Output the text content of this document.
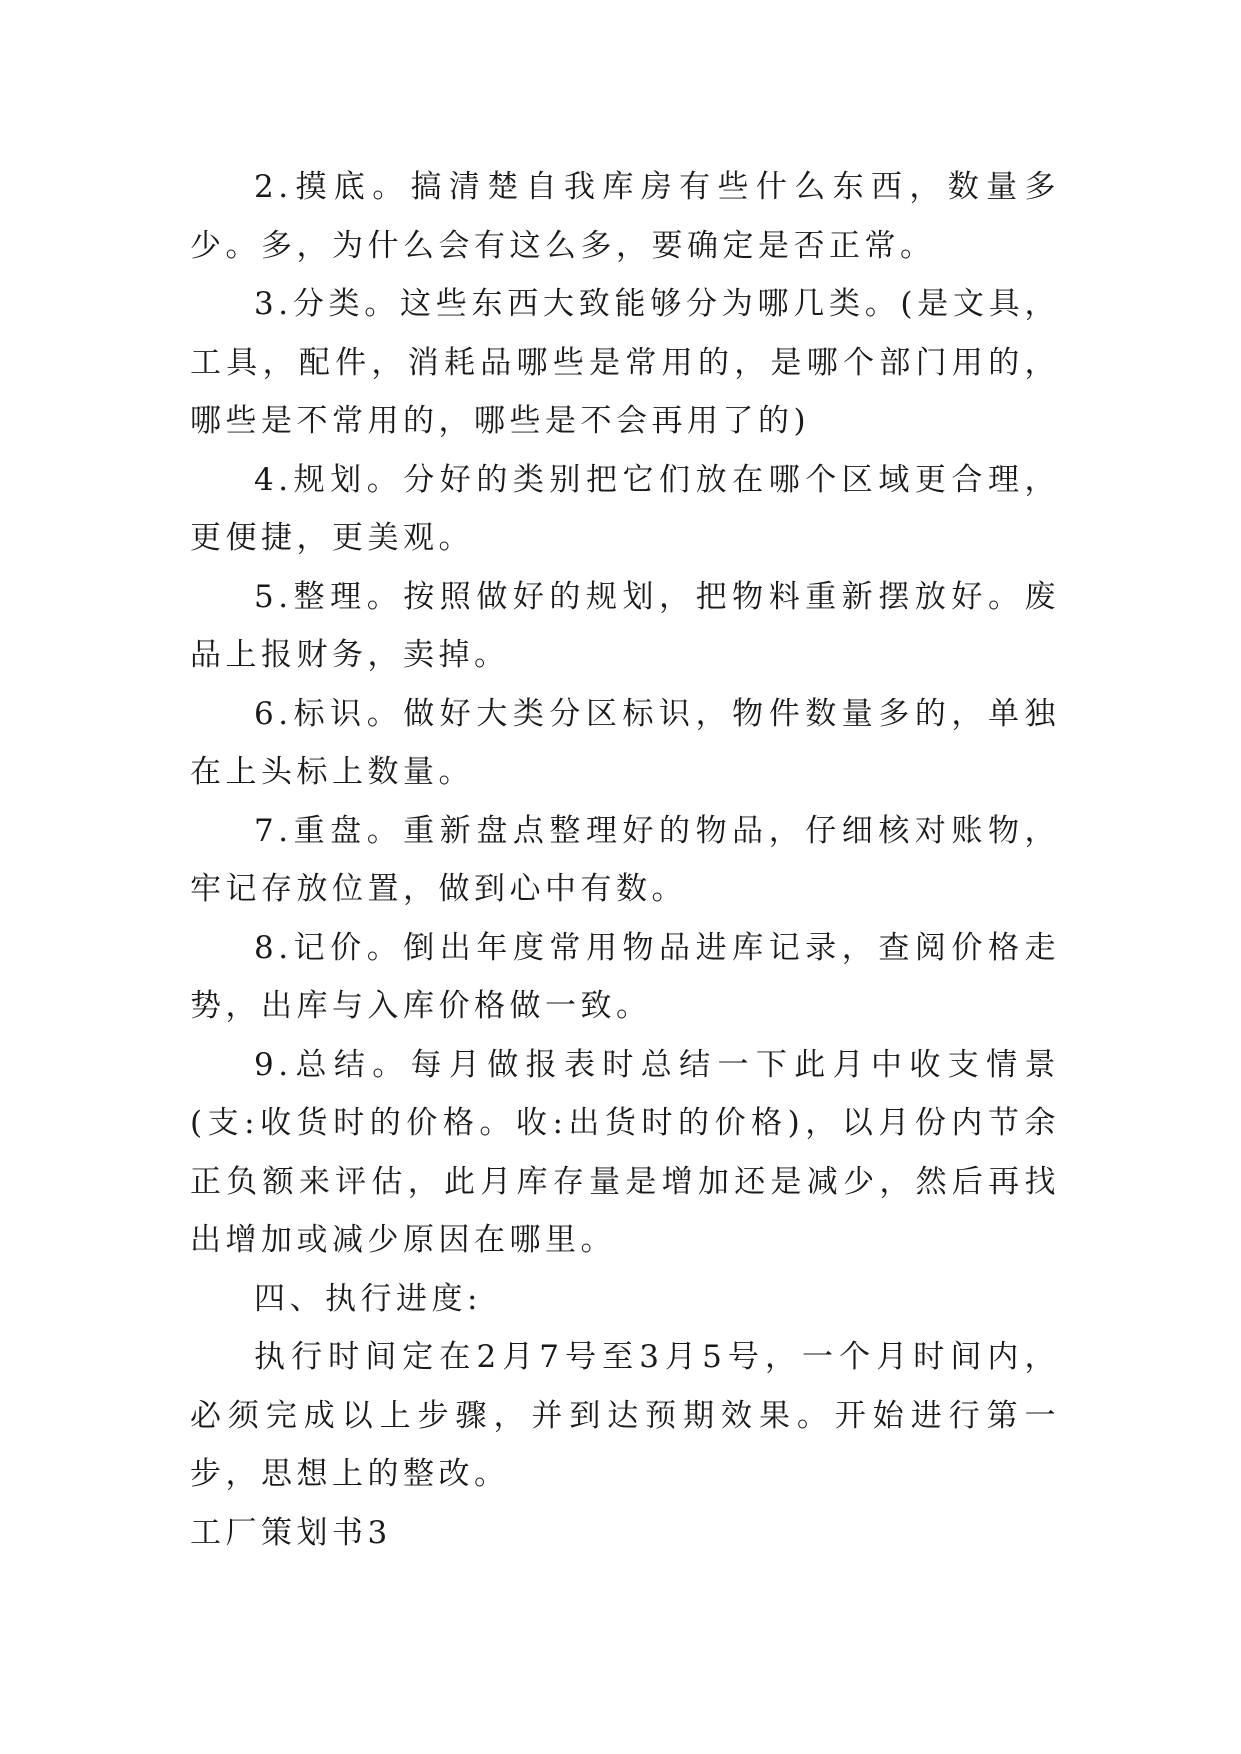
2.摸底。搞清楚自我库房有些什么东西，数量多少。多，为什么会有这么多，要确定是否正常。

3.分类。这些东西大致能够分为哪几类。(是文具，工具，配件，消耗品哪些是常用的，是哪个部门用的，哪些是不常用的，哪些是不会再用了的)

4.规划。分好的类别把它们放在哪个区域更合理，更便捷，更美观。

5.整理。按照做好的规划，把物料重新摆放好。废品上报财务，卖掉。

6.标识。做好大类分区标识，物件数量多的，单独在上头标上数量。

7.重盘。重新盘点整理好的物品，仔细核对账物，牢记存放位置，做到心中有数。

8.记价。倒出年度常用物品进库记录，查阅价格走势，出库与入库价格做一致。

9.总结。每月做报表时总结一下此月中收支情景(支:收货时的价格。收:出货时的价格)，以月份内节余正负额来评估，此月库存量是增加还是减少，然后再找出增加或减少原因在哪里。

四、执行进度:

执行时间定在2月7号至3月5号，一个月时间内，必须完成以上步骤，并到达预期效果。开始进行第一步，思想上的整改。

工厂策划书3
